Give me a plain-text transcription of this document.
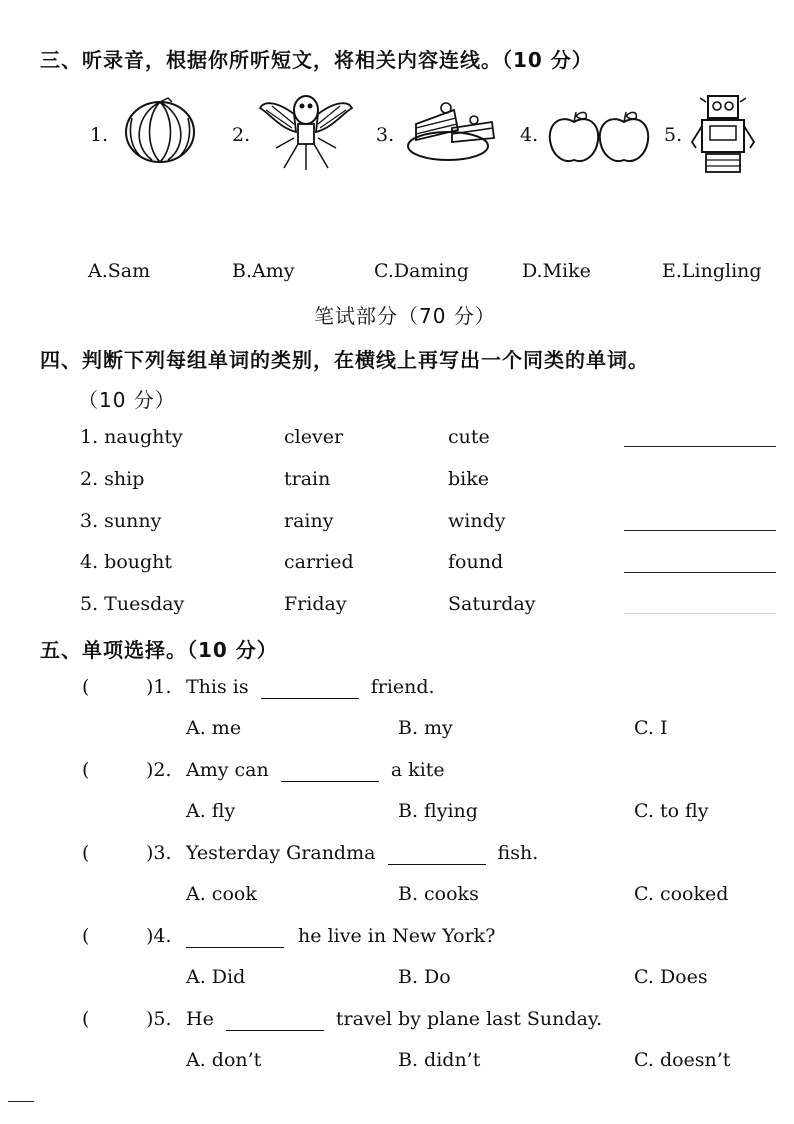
三、听录音，根据你所听短文，将相关内容连线。（10 分）
1.	2.	3.	4.	5.
A.Sam	B.Amy	C.Daming	D.Mike	E.Lingling
笔试部分（70 分）
四、判断下列每组单词的类别，在横线上再写出一个同类的单词。
（10 分）
1. naughty	clever	cute
2. ship	train	bike
3. sunny	rainy	windy
4. bought	carried	found
5. Tuesday	Friday	Saturday
五、单项选择。（10 分）
(	)1. This is	friend.
A. me	B. my	C. I
(	)2. Amy can	a kite
A. fly	B. flying	C. to fly
(	)3. Yesterday Grandma	fish.
A. cook	B. cooks	C. cooked
(	)4.	he live in New York?
A. Did	B. Do	C. Does
(	)5. He	travel by plane last Sunday.
A. don’t	B. didn’t	C. doesn’t
